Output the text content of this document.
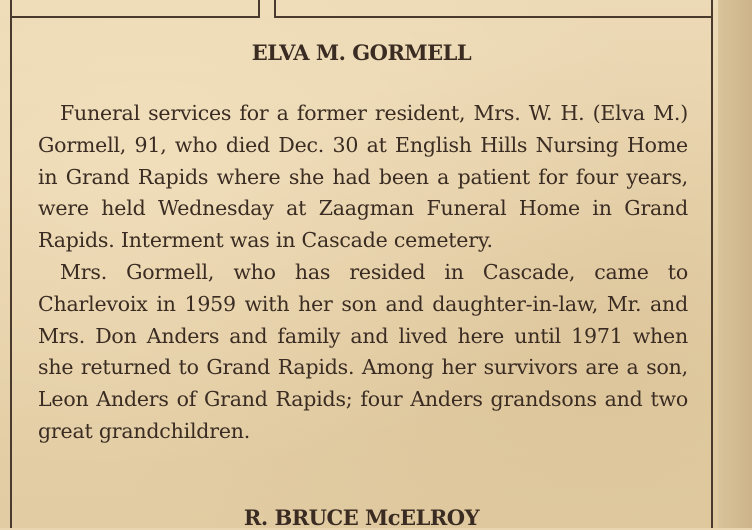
ELVA M. GORMELL

Funeral services for a former resident, Mrs. W. H. (Elva M.) Gormell, 91, who died Dec. 30 at English Hills Nursing Home in Grand Rapids where she had been a patient for four years, were held Wednesday at Zaagman Funeral Home in Grand Rapids. Interment was in Cascade cemetery.

Mrs. Gormell, who has resided in Cascade, came to Charlevoix in 1959 with her son and daughter-in-law, Mr. and Mrs. Don Anders and family and lived here until 1971 when she returned to Grand Rapids. Among her survivors are a son, Leon Anders of Grand Rapids; four Anders grandsons and two great grandchildren.

R. BRUCE McELROY
